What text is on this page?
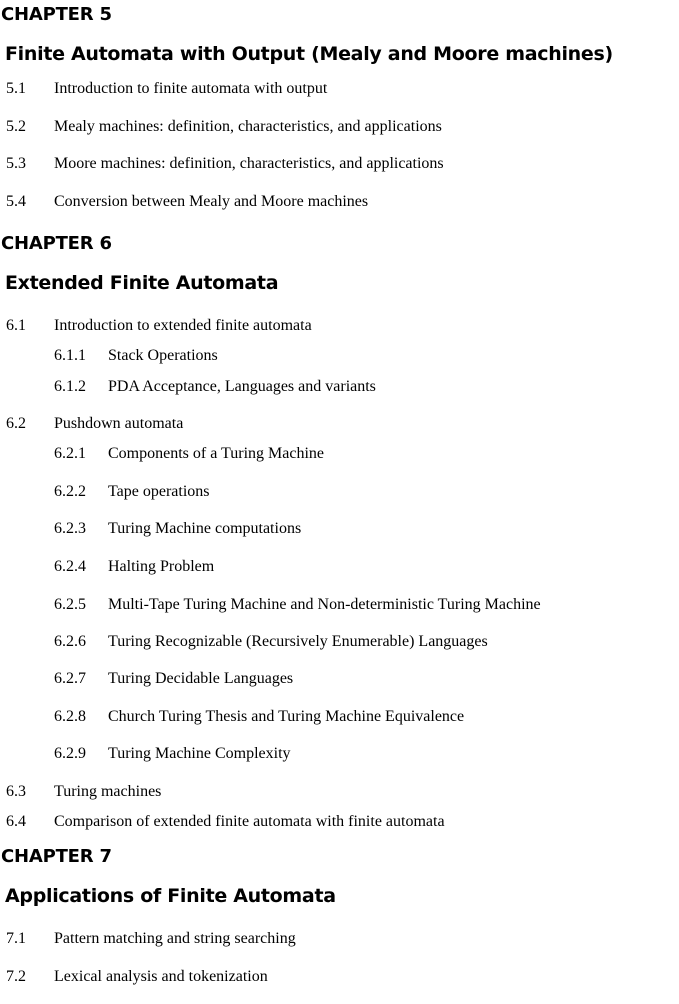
CHAPTER 5
Finite Automata with Output (Mealy and Moore machines)
5.1 Introduction to finite automata with output
5.2 Mealy machines: definition, characteristics, and applications
5.3 Moore machines: definition, characteristics, and applications
5.4 Conversion between Mealy and Moore machines
CHAPTER 6
Extended Finite Automata
6.1 Introduction to extended finite automata
6.1.1 Stack Operations
6.1.2 PDA Acceptance, Languages and variants
6.2 Pushdown automata
6.2.1 Components of a Turing Machine
6.2.2 Tape operations
6.2.3 Turing Machine computations
6.2.4 Halting Problem
6.2.5 Multi-Tape Turing Machine and Non-deterministic Turing Machine
6.2.6 Turing Recognizable (Recursively Enumerable) Languages
6.2.7 Turing Decidable Languages
6.2.8 Church Turing Thesis and Turing Machine Equivalence
6.2.9 Turing Machine Complexity
6.3 Turing machines
6.4 Comparison of extended finite automata with finite automata
CHAPTER 7
Applications of Finite Automata
7.1 Pattern matching and string searching
7.2 Lexical analysis and tokenization
